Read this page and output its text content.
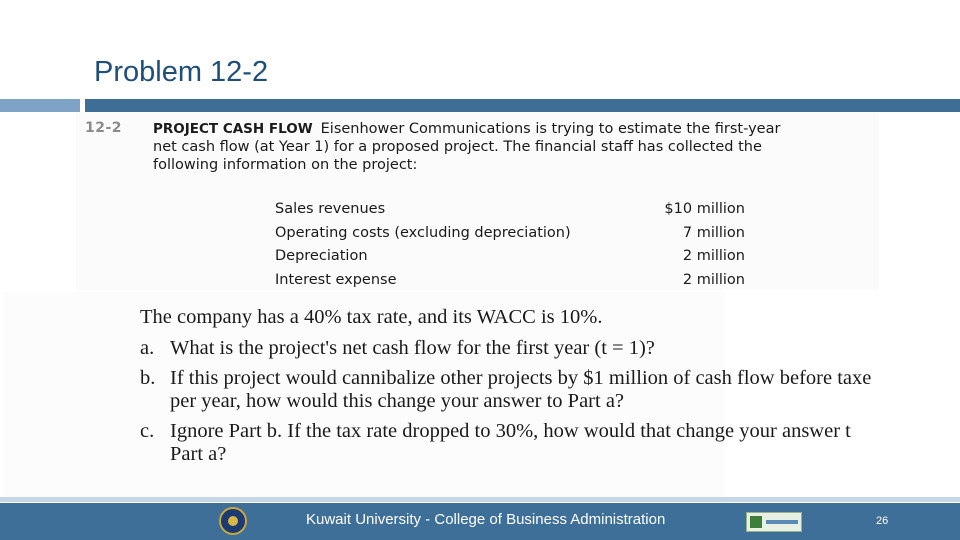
Problem 12-2
12-2 PROJECT CASH FLOW Eisenhower Communications is trying to estimate the first-year
net cash flow (at Year 1) for a proposed project. The financial staff has collected the
following information on the project:
Sales revenues	$10 million
Operating costs (excluding depreciation)	7 million
Depreciation	2 million
Interest expense	2 million
The company has a 40% tax rate, and its WACC is 10%.
a. What is the project's net cash flow for the first year (t = 1)?
b. If this project would cannibalize other projects by $1 million of cash flow before taxe
per year, how would this change your answer to Part a?
c. Ignore Part b. If the tax rate dropped to 30%, how would that change your answer t
Part a?
Kuwait University - College of Business Administration	26
